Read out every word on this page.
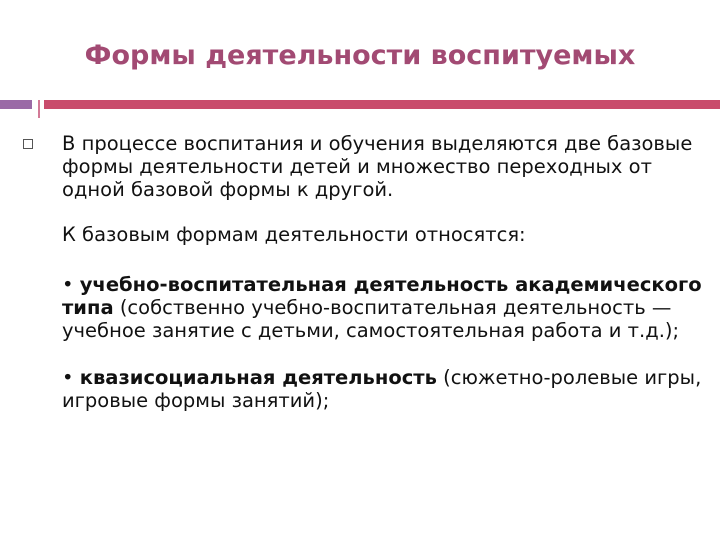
Формы деятельности воспитуемых

В процессе воспитания и обучения выделяются две базовые формы деятельности детей и множество переходных от одной базовой формы к другой.

К базовым формам деятельности относятся:

• учебно-воспитательная деятельность академического типа (собственно учебно-воспитательная деятельность — учебное занятие с детьми, самостоятельная работа и т.д.);

• квазисоциальная деятельность (сюжетно-ролевые игры, игровые формы занятий);
